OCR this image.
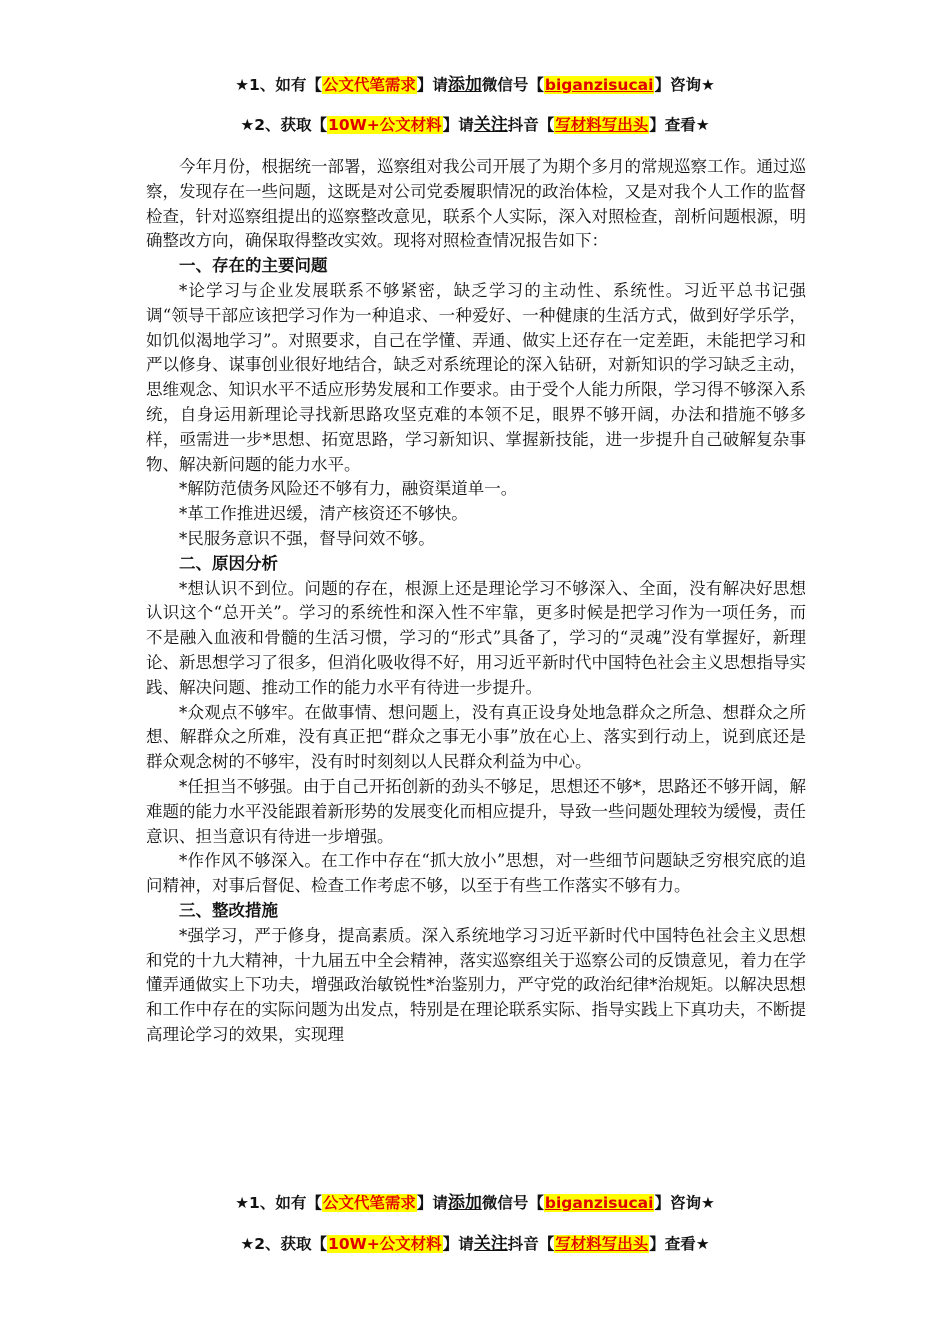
★1、如有【公文代笔需求】请添加微信号【biganzisucai】咨询★
★2、获取【10W+公文材料】请关注抖音【写材料写出头】查看★

今年月份，根据统一部署，巡察组对我公司开展了为期个多月的常规巡察工作。通过巡察，发现存在一些问题，这既是对公司党委履职情况的政治体检，又是对我个人工作的监督检查，针对巡察组提出的巡察整改意见，联系个人实际，深入对照检查，剖析问题根源，明确整改方向，确保取得整改实效。现将对照检查情况报告如下：

一、存在的主要问题

*论学习与企业发展联系不够紧密，缺乏学习的主动性、系统性。习近平总书记强调“领导干部应该把学习作为一种追求、一种爱好、一种健康的生活方式，做到好学乐学，如饥似渴地学习”。对照要求，自己在学懂、弄通、做实上还存在一定差距，未能把学习和严以修身、谋事创业很好地结合，缺乏对系统理论的深入钻研，对新知识的学习缺乏主动，思维观念、知识水平不适应形势发展和工作要求。由于受个人能力所限，学习得不够深入系统，自身运用新理论寻找新思路攻坚克难的本领不足，眼界不够开阔，办法和措施不够多样，亟需进一步*思想、拓宽思路，学习新知识、掌握新技能，进一步提升自己破解复杂事物、解决新问题的能力水平。

*解防范债务风险还不够有力，融资渠道单一。

*革工作推进迟缓，清产核资还不够快。

*民服务意识不强，督导问效不够。

二、原因分析

*想认识不到位。问题的存在，根源上还是理论学习不够深入、全面，没有解决好思想认识这个“总开关”。学习的系统性和深入性不牢靠，更多时候是把学习作为一项任务，而不是融入血液和骨髓的生活习惯，学习的“形式”具备了，学习的“灵魂”没有掌握好，新理论、新思想学习了很多，但消化吸收得不好，用习近平新时代中国特色社会主义思想指导实践、解决问题、推动工作的能力水平有待进一步提升。

*众观点不够牢。在做事情、想问题上，没有真正设身处地急群众之所急、想群众之所想、解群众之所难，没有真正把“群众之事无小事”放在心上、落实到行动上，说到底还是群众观念树的不够牢，没有时时刻刻以人民群众利益为中心。

*任担当不够强。由于自己开拓创新的劲头不够足，思想还不够*，思路还不够开阔，解难题的能力水平没能跟着新形势的发展变化而相应提升，导致一些问题处理较为缓慢，责任意识、担当意识有待进一步增强。

*作作风不够深入。在工作中存在“抓大放小”思想，对一些细节问题缺乏穷根究底的追问精神，对事后督促、检查工作考虑不够，以至于有些工作落实不够有力。

三、整改措施

*强学习，严于修身，提高素质。深入系统地学习习近平新时代中国特色社会主义思想和党的十九大精神，十九届五中全会精神，落实巡察组关于巡察公司的反馈意见，着力在学懂弄通做实上下功夫，增强政治敏锐性*治鉴别力，严守党的政治纪律*治规矩。以解决思想和工作中存在的实际问题为出发点，特别是在理论联系实际、指导实践上下真功夫，不断提高理论学习的效果，实现理

★1、如有【公文代笔需求】请添加微信号【biganzisucai】咨询★
★2、获取【10W+公文材料】请关注抖音【写材料写出头】查看★
